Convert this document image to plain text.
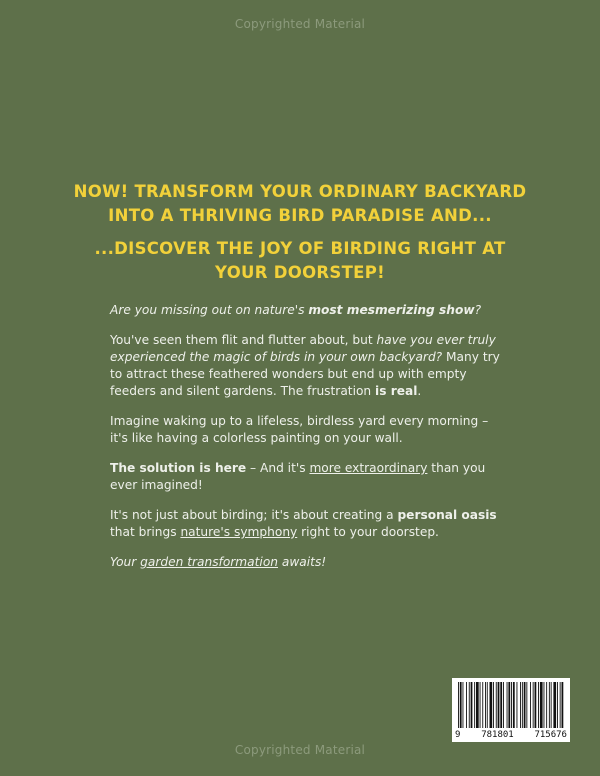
Copyrighted Material
NOW! TRANSFORM YOUR ORDINARY BACKYARD
INTO A THRIVING BIRD PARADISE AND...
...DISCOVER THE JOY OF BIRDING RIGHT AT
YOUR DOORSTEP!

Are you missing out on nature's most mesmerizing show?

You've seen them flit and flutter about, but have you ever truly experienced the magic of birds in your own backyard? Many try to attract these feathered wonders but end up with empty feeders and silent gardens. The frustration is real.

Imagine waking up to a lifeless, birdless yard every morning – it's like having a colorless painting on your wall.

The solution is here – And it's more extraordinary than you ever imagined!

It's not just about birding; it's about creating a personal oasis that brings nature's symphony right to your doorstep.

Your garden transformation awaits!

9 781801 715676
Copyrighted Material
